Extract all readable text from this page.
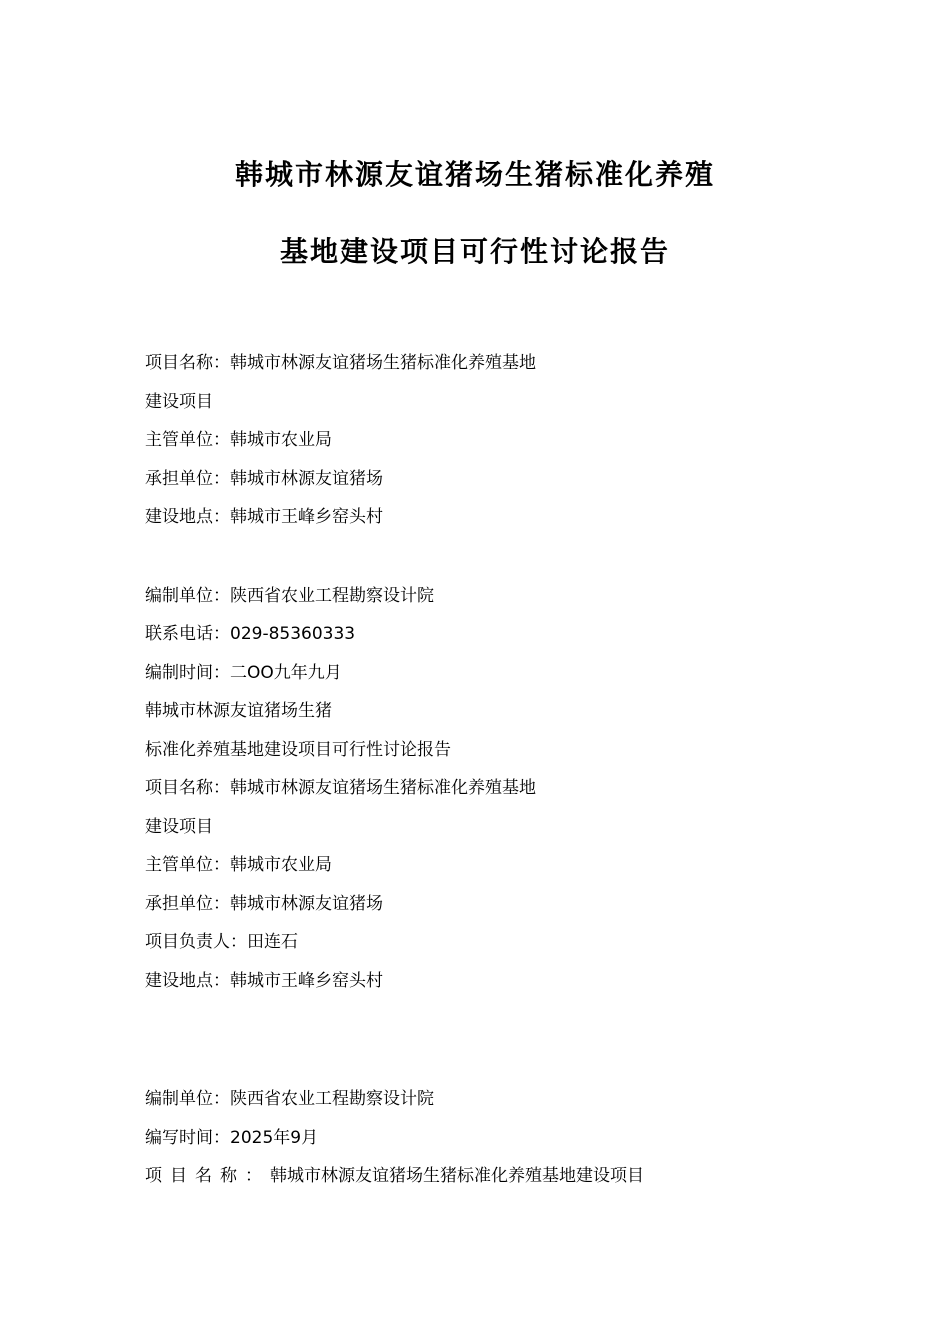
韩城市林源友谊猪场生猪标准化养殖
基地建设项目可行性讨论报告
项目名称：韩城市林源友谊猪场生猪标准化养殖基地
建设项目
主管单位：韩城市农业局
承担单位：韩城市林源友谊猪场
建设地点：韩城市王峰乡窑头村
编制单位：陕西省农业工程勘察设计院
联系电话：029-85360333
编制时间：二OO九年九月
韩城市林源友谊猪场生猪
标准化养殖基地建设项目可行性讨论报告
项目名称：韩城市林源友谊猪场生猪标准化养殖基地
建设项目
主管单位：韩城市农业局
承担单位：韩城市林源友谊猪场
项目负责人：田连石
建设地点：韩城市王峰乡窑头村
编制单位：陕西省农业工程勘察设计院
编写时间：2025年9月
项目名称：韩城市林源友谊猪场生猪标准化养殖基地建设项目
